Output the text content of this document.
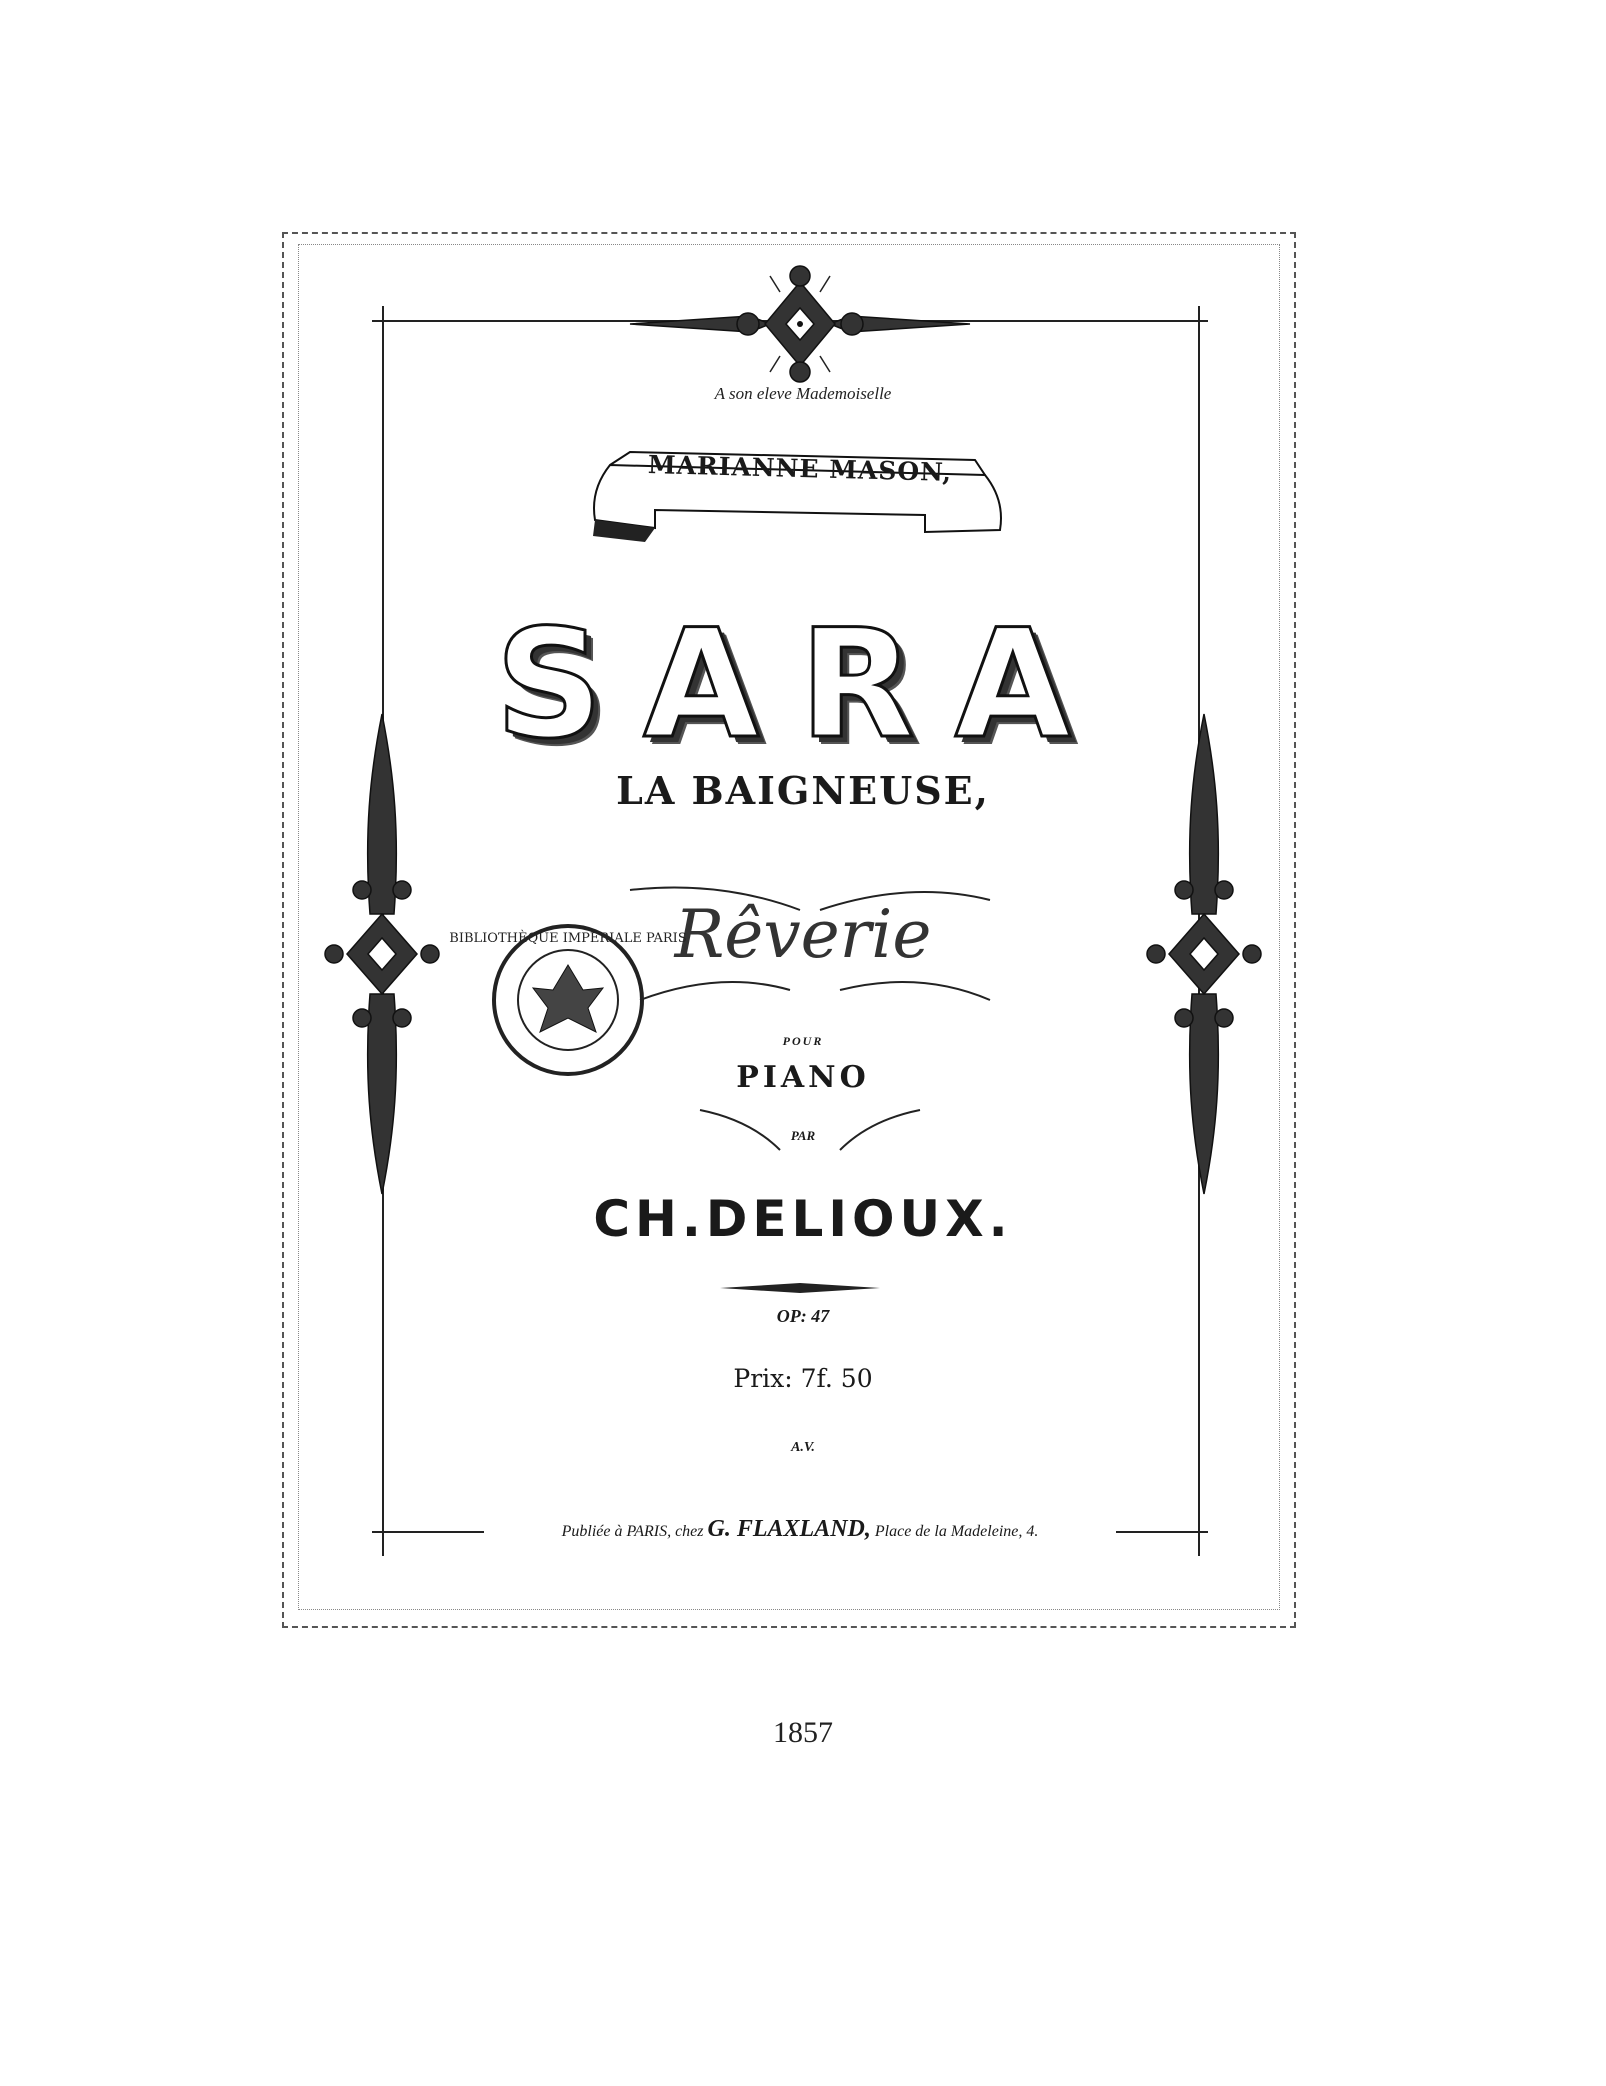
A son eleve Mademoiselle
MARIANNE MASON,
SARA
LA BAIGNEUSE,
Rêverie
BIBLIOTHÈQUE IMPÉRIALE PARIS
POUR
PIANO
PAR
CH.DELIOUX.
OP: 47
Prix: 7f. 50
A.V.
Publiée à PARIS, chez G. FLAXLAND, Place de la Madeleine, 4.
1857
